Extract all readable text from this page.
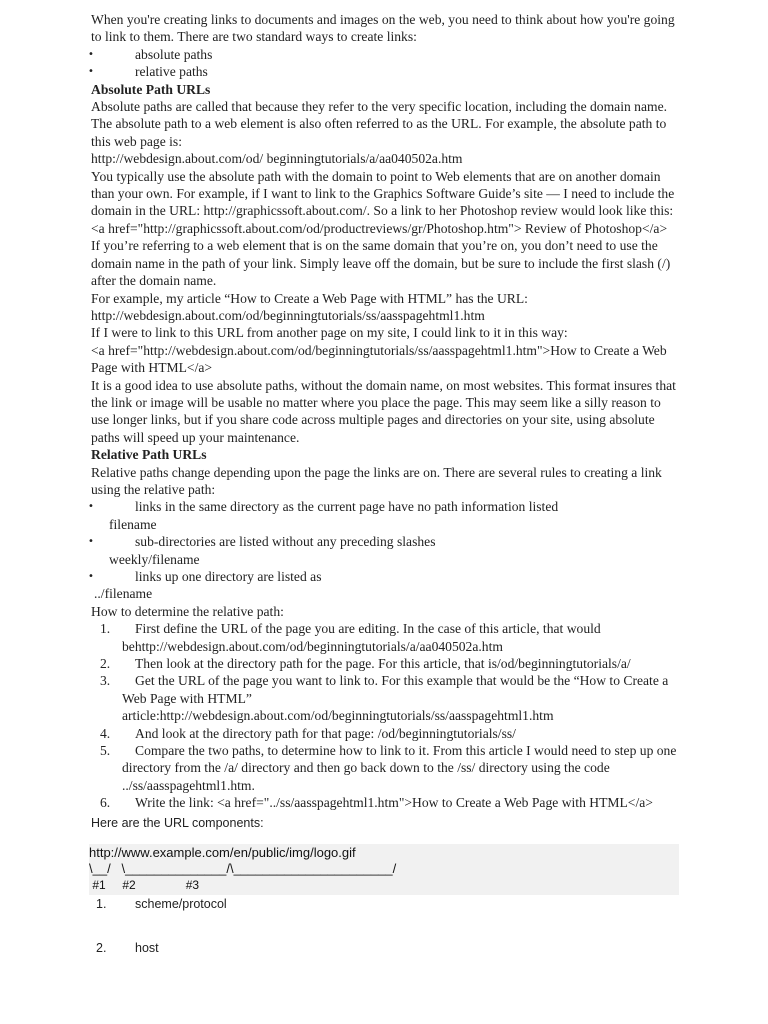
When you're creating links to documents and images on the web, you need to think about how you're going to link to them. There are two standard ways to create links:

• absolute paths
• relative paths

Absolute Path URLs

Absolute paths are called that because they refer to the very specific location, including the domain name. The absolute path to a web element is also often referred to as the URL. For example, the absolute path to this web page is:
http://webdesign.about.com/od/ beginningtutorials/a/aa040502a.htm

You typically use the absolute path with the domain to point to Web elements that are on another domain than your own. For example, if I want to link to the Graphics Software Guide’s site — I need to include the domain in the URL: http://graphicssoft.about.com/. So a link to her Photoshop review would look like this:
<a href="http://graphicssoft.about.com/od/productreviews/gr/Photoshop.htm"> Review of Photoshop</a>

If you’re referring to a web element that is on the same domain that you’re on, you don’t need to use the domain name in the path of your link. Simply leave off the domain, but be sure to include the first slash (/) after the domain name.

For example, my article “How to Create a Web Page with HTML” has the URL:
http://webdesign.about.com/od/beginningtutorials/ss/aasspagehtml1.htm

If I were to link to this URL from another page on my site, I could link to it in this way:
<a href="http://webdesign.about.com/od/beginningtutorials/ss/aasspagehtml1.htm">How to Create a Web Page with HTML</a>

It is a good idea to use absolute paths, without the domain name, on most websites. This format insures that the link or image will be usable no matter where you place the page. This may seem like a silly reason to use longer links, but if you share code across multiple pages and directories on your site, using absolute paths will speed up your maintenance.

Relative Path URLs

Relative paths change depending upon the page the links are on. There are several rules to creating a link using the relative path:

• links in the same directory as the current page have no path information listed
filename
• sub-directories are listed without any preceding slashes
weekly/filename
• links up one directory are listed as
../filename

How to determine the relative path:

1. First define the URL of the page you are editing. In the case of this article, that would behttp://webdesign.about.com/od/beginningtutorials/a/aa040502a.htm
2. Then look at the directory path for the page. For this article, that is/od/beginningtutorials/a/
3. Get the URL of the page you want to link to. For this example that would be the “How to Create a Web Page with HTML” article:http://webdesign.about.com/od/beginningtutorials/ss/aasspagehtml1.htm
4. And look at the directory path for that page: /od/beginningtutorials/ss/
5. Compare the two paths, to determine how to link to it. From this article I would need to step up one directory from the /a/ directory and then go back down to the /ss/ directory using the code ../ss/aasspagehtml1.htm.
6. Write the link: <a href="../ss/aasspagehtml1.htm">How to Create a Web Page with HTML</a>

Here are the URL components:

http://www.example.com/en/public/img/logo.gif
\__/   \______________/\______________________/
#1     #2               #3
1. scheme/protocol
2. host
